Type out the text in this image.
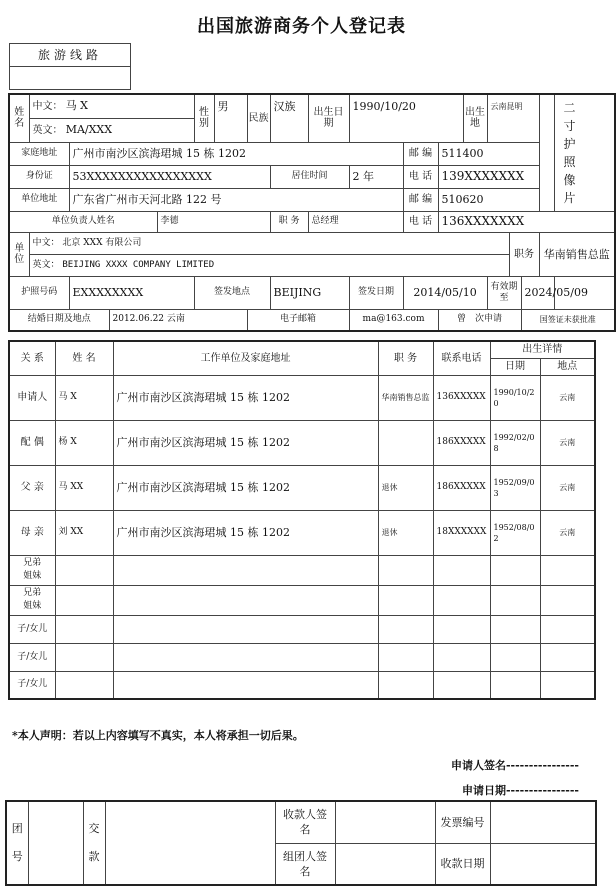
出国旅游商务个人登记表
旅游线路
姓名	中文： 马 X				性别	男	民族	汉族	出生日期	1990/10/20			出生地	云南昆明			二寸护照像片
	英文： MA/XXX																
家庭地址		广州市南沙区滨海珺城 15 栋 1202									邮 编	511400					
身份证		53XXXXXXXXXXXXXXXX						居住时间		2 年	电 话	139XXXXXXX					
单位地址		广东省广州市天河北路 122 号									邮 编	510620					
单位负责人姓名				李德				职 务	总经理		电 话	136XXXXXXX					
单位	中文： 北京 XXX 有限公司														职务		华南销售总监
	英文： BEIJING XXXX COMPANY LIMITED																
护照号码		EXXXXXXXX			签发地点			BEIJING		签发日期	2014/05/10			有效期至		2024/05/09	
结婚日期及地点			2012.06.22 云南				电子邮箱			ma@163.com		曾　次申请				国签证未获批准	
关 系	姓 名	工作单位及家庭地址	职 务	联系电话	出生详情	
					日期	地点
申请人	马 X	广州市南沙区滨海珺城 15 栋 1202	华南销售总监	136XXXXX	1990/10/20	云南
配 偶	杨 X	广州市南沙区滨海珺城 15 栋 1202		186XXXXX	1992/02/08	云南
父 亲	马 XX	广州市南沙区滨海珺城 15 栋 1202	退休	186XXXXX	1952/09/03	云南
母 亲	刘 XX	广州市南沙区滨海珺城 15 栋 1202	退休	18XXXXXX	1952/08/02	云南
兄弟姐妹						
兄弟姐妹						
子/女儿						
子/女儿						
子/女儿						
*本人声明：若以上内容填写不真实，本人将承担一切后果。
申请人签名----------------
申请日期----------------
团号		交款		收款人签名		发票编号	
				组团人签名		收款日期	
